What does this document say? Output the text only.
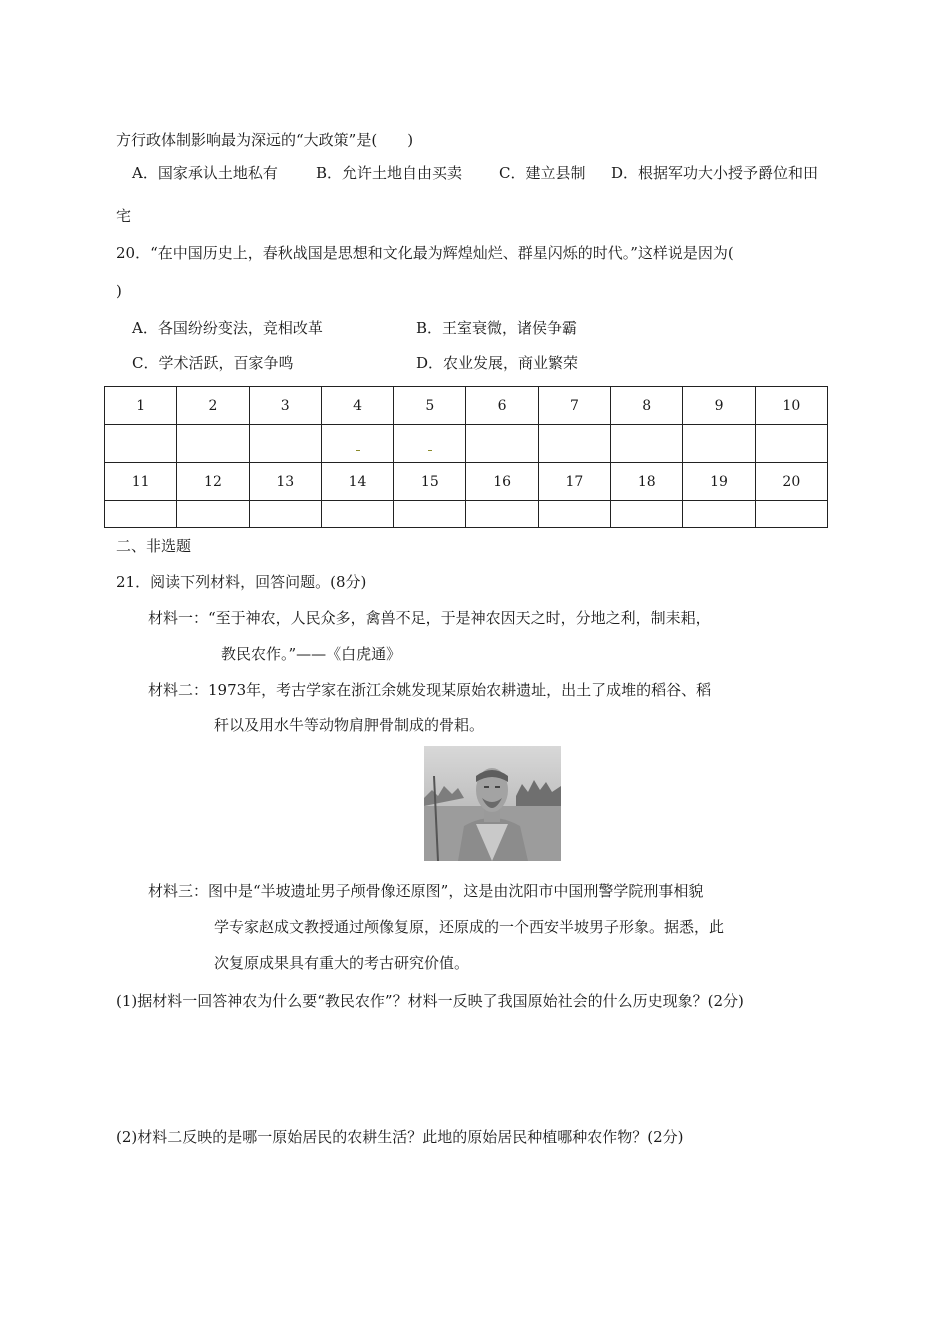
方行政体制影响最为深远的“大政策”是(　　)
A．国家承认土地私有	B．允许土地自由买卖 C．建立县制 D．根据军功大小授予爵位和田
宅
20．“在中国历史上，春秋战国是思想和文化最为辉煌灿烂、群星闪烁的时代。”这样说是因为(
)
A．各国纷纷变法，竞相改革	B．王室衰微，诸侯争霸
C．学术活跃，百家争鸣	D．农业发展，商业繁荣
1	2	3	4	5	6	7	8	9	10

11	12	13	14	15	16	17	18	19	20

二、非选题
21．阅读下列材料，回答问题。(8分)
材料一：“至于神农，人民众多，禽兽不足，于是神农因天之时，分地之利，制耒耜，
教民农作。”——《白虎通》
材料二：1973年，考古学家在浙江余姚发现某原始农耕遗址，出土了成堆的稻谷、稻
秆以及用水牛等动物肩胛骨制成的骨耜。
材料三：图中是“半坡遗址男子颅骨像还原图”，这是由沈阳市中国刑警学院刑事相貌
学专家赵成文教授通过颅像复原，还原成的一个西安半坡男子形象。据悉，此
次复原成果具有重大的考古研究价值。
(1)据材料一回答神农为什么要“教民农作”？材料一反映了我国原始社会的什么历史现象？(2分)
(2)材料二反映的是哪一原始居民的农耕生活？此地的原始居民种植哪种农作物？(2分)
